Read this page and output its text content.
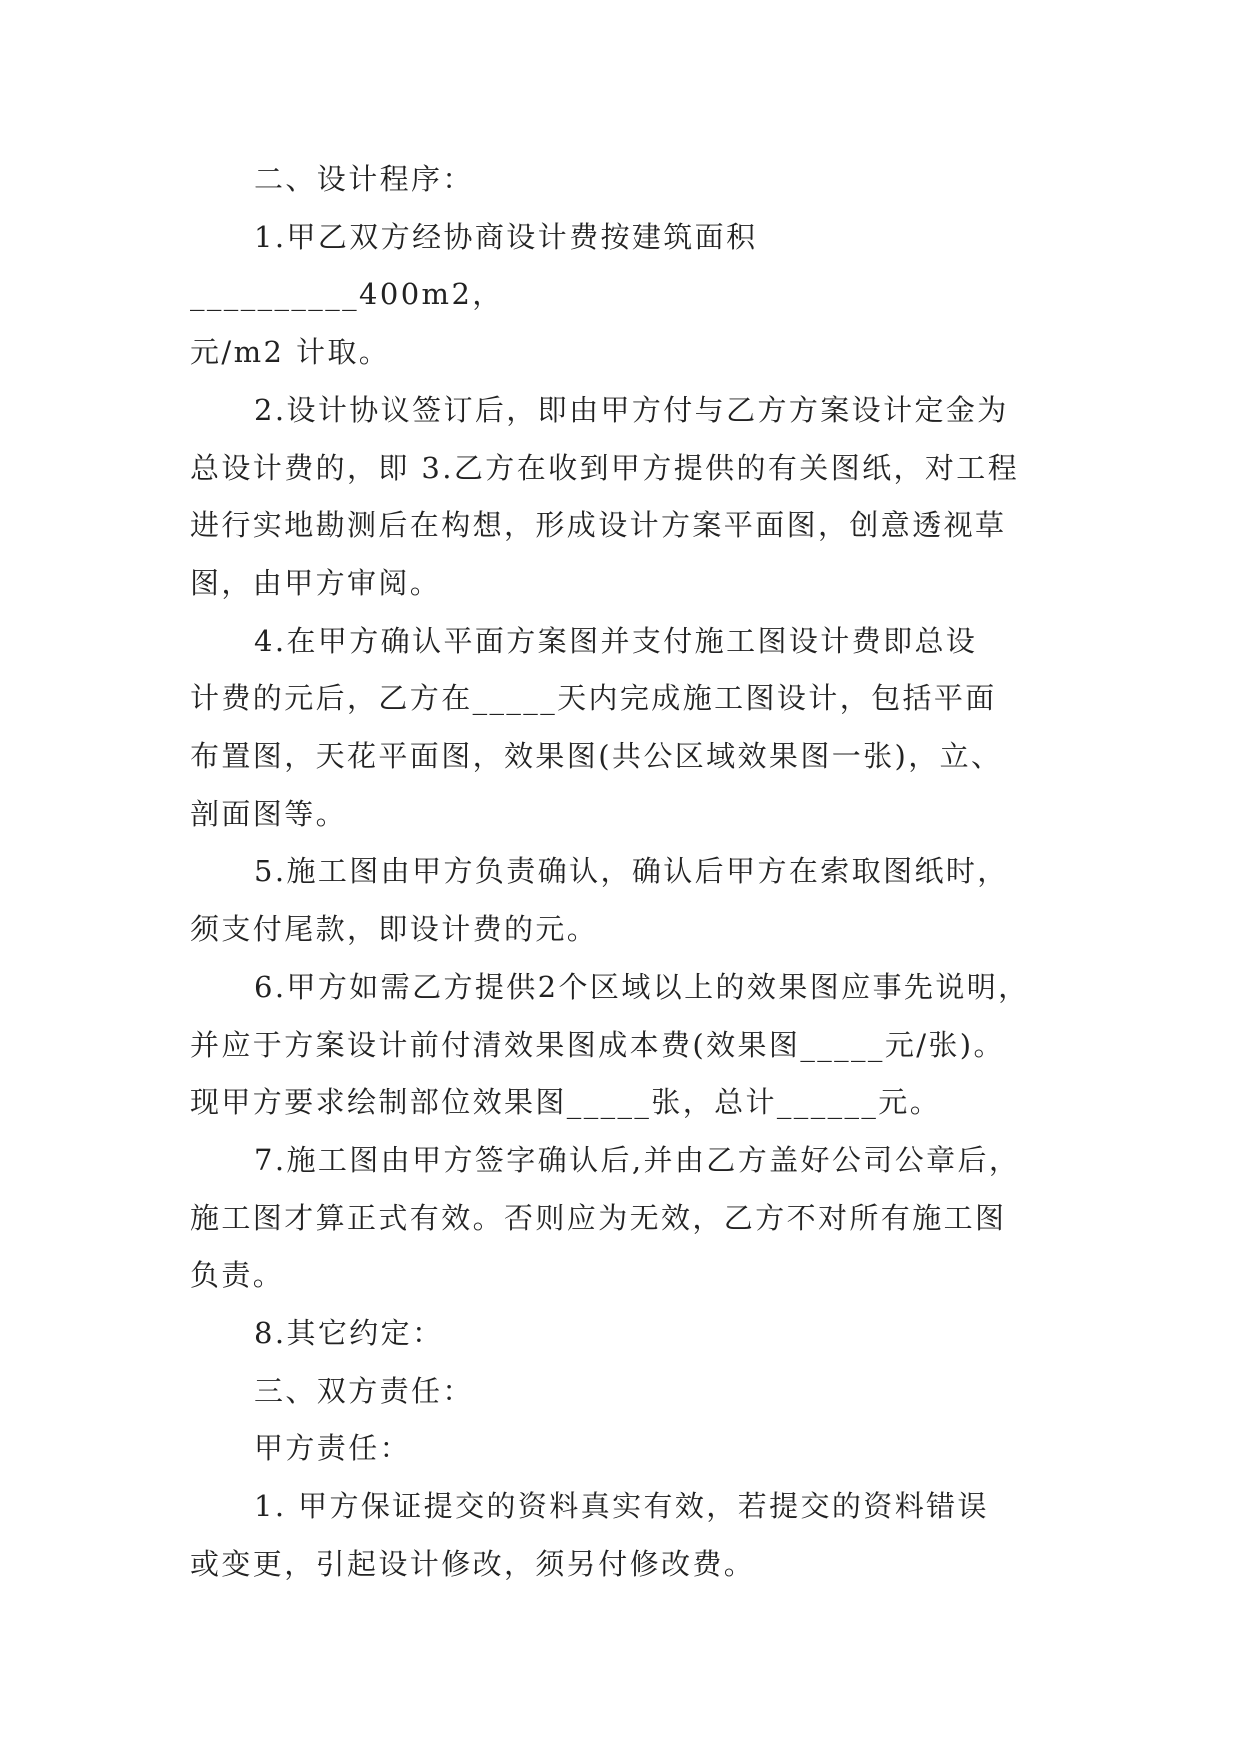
二、设计程序：

1.甲乙双方经协商设计费按建筑面积__________400m2，

元/m2 计取。

2.设计协议签订后，即由甲方付与乙方方案设计定金为

总设计费的，即 3.乙方在收到甲方提供的有关图纸，对工程

进行实地勘测后在构想，形成设计方案平面图，创意透视草

图，由甲方审阅。

4.在甲方确认平面方案图并支付施工图设计费即总设

计费的元后，乙方在_____天内完成施工图设计，包括平面

布置图，天花平面图，效果图(共公区域效果图一张)，立、

剖面图等。

5.施工图由甲方负责确认，确认后甲方在索取图纸时，

须支付尾款，即设计费的元。

6.甲方如需乙方提供2个区域以上的效果图应事先说明，

并应于方案设计前付清效果图成本费(效果图_____元/张)。

现甲方要求绘制部位效果图_____张，总计______元。

7.施工图由甲方签字确认后,并由乙方盖好公司公章后，

施工图才算正式有效。否则应为无效，乙方不对所有施工图

负责。

8.其它约定：

三、双方责任：

甲方责任：

1. 甲方保证提交的资料真实有效，若提交的资料错误

或变更，引起设计修改，须另付修改费。
